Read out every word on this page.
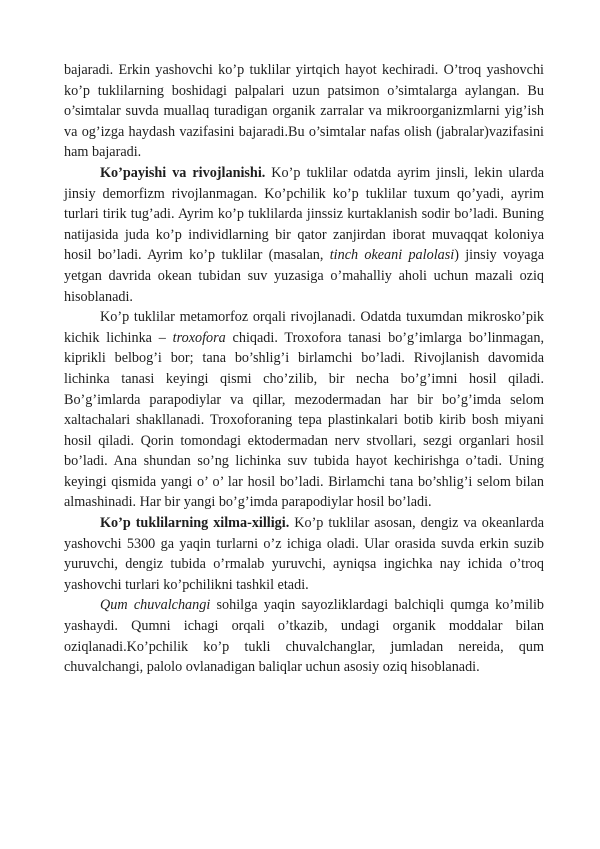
bajaradi. Erkin yashovchi ko’p tuklilar yirtqich hayot kechiradi. O’troq yashovchi ko’p tuklilarning boshidagi palpalari uzun patsimon o’simtalarga aylangan. Bu o’simtalar suvda muallaq turadigan organik zarralar va mikroorganizmlarni yig’ish va og’izga haydash vazifasini bajaradi.Bu o’simtalar nafas olish (jabralar)vazifasini ham bajaradi.

Ko’payishi va rivojlanishi. Ko’p tuklilar odatda ayrim jinsli, lekin ularda jinsiy demorfizm rivojlanmagan. Ko’pchilik ko’p tuklilar tuxum qo’yadi, ayrim turlari tirik tug’adi. Ayrim ko’p tuklilarda jinssiz kurtaklanish sodir bo’ladi. Buning natijasida juda ko’p individlarning bir qator zanjirdan iborat muvaqqat koloniya hosil bo’ladi. Ayrim ko’p tuklilar (masalan, tinch okeani palolasi) jinsiy voyaga yetgan davrida okean tubidan suv yuzasiga o’mahalliy aholi uchun mazali oziq hisoblanadi.

Ko’p tuklilar metamorfoz orqali rivojlanadi. Odatda tuxumdan mikrosko’pik kichik lichinka – troxofora chiqadi. Troxofora tanasi bo’g’imlarga bo’linmagan, kiprikli belbog’i bor; tana bo’shlig’i birlamchi bo’ladi. Rivojlanish davomida lichinka tanasi keyingi qismi cho’zilib, bir necha bo’g’imni hosil qiladi. Bo’g’imlarda parapodiylar va qillar, mezodermadan har bir bo’g’imda selom xaltachalari shakllanadi. Troxoforaning tepa plastinkalari botib kirib bosh miyani hosil qiladi. Qorin tomondagi ektodermadan nerv stvollari, sezgi organlari hosil bo’ladi. Ana shundan so’ng lichinka suv tubida hayot kechirishga o’tadi. Uning keyingi qismida yangi o’ o’ lar hosil bo’ladi. Birlamchi tana bo’shlig’i selom bilan almashinadi. Har bir yangi bo’g’imda parapodiylar hosil bo’ladi.

Ko’p tuklilarning xilma-xilligi. Ko’p tuklilar asosan, dengiz va okeanlarda yashovchi 5300 ga yaqin turlarni o’z ichiga oladi. Ular orasida suvda erkin suzib yuruvchi, dengiz tubida o’rmalab yuruvchi, ayniqsa ingichka nay ichida o’troq yashovchi turlari ko’pchilikni tashkil etadi.

Qum chuvalchangi sohilga yaqin sayozliklardagi balchiqli qumga ko’milib yashaydi. Qumni ichagi orqali o’tkazib, undagi organik moddalar bilan oziqlanadi.Ko’pchilik ko’p tukli chuvalchanglar, jumladan nereida, qum chuvalchangi, palolo ovlanadigan baliqlar uchun asosiy oziq hisoblanadi.
